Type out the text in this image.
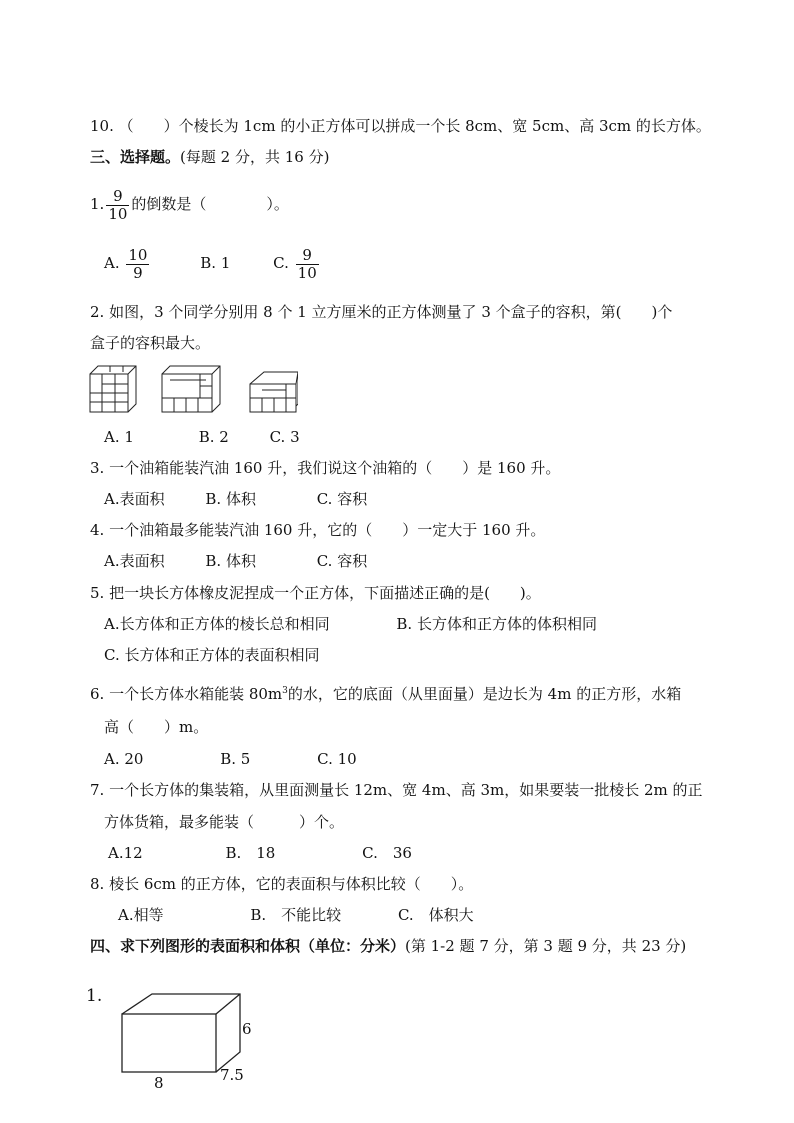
10. （　　）个棱长为 1cm 的小正方体可以拼成一个长 8cm、宽 5cm、高 3cm 的长方体。
三、选择题。(每题 2 分，共 16 分)
1. $\frac{9}{10}$ 的倒数是（　　　　）。
A. $\frac{10}{9}$	B. 1	C. $\frac{9}{10}$
2. 如图，3 个同学分别用 8 个 1 立方厘米的正方体测量了 3 个盒子的容积，第(　　)个
盒子的容积最大。
A. 1	B. 2	C. 3
3. 一个油箱能装汽油 160 升，我们说这个油箱的（　　）是 160 升。
A.表面积	B. 体积	C. 容积
4. 一个油箱最多能装汽油 160 升，它的（　　）一定大于 160 升。
A.表面积	B. 体积	C. 容积
5. 把一块长方体橡皮泥捏成一个正方体，下面描述正确的是(　　)。
A.长方体和正方体的棱长总和相同	B. 长方体和正方体的体积相同
C. 长方体和正方体的表面积相同
6. 一个长方体水箱能装 $80m^3$的水，它的底面（从里面量）是边长为 4m 的正方形，水箱
高（　　）m。
A. 20	B. 5	C. 10
7. 一个长方体的集装箱，从里面测量长 12m、宽 4m、高 3m，如果要装一批棱长 2m 的正
方体货箱，最多能装（　　　）个。
A.12	B.　18	C.　36
8. 棱长 6cm 的正方体，它的表面积与体积比较（　　）。
A.相等	B.　不能比较	C.　体积大
四、求下列图形的表面积和体积（单位：分米）(第 1-2 题 7 分，第 3 题 9 分，共 23 分)
1.
6
8	7.5
